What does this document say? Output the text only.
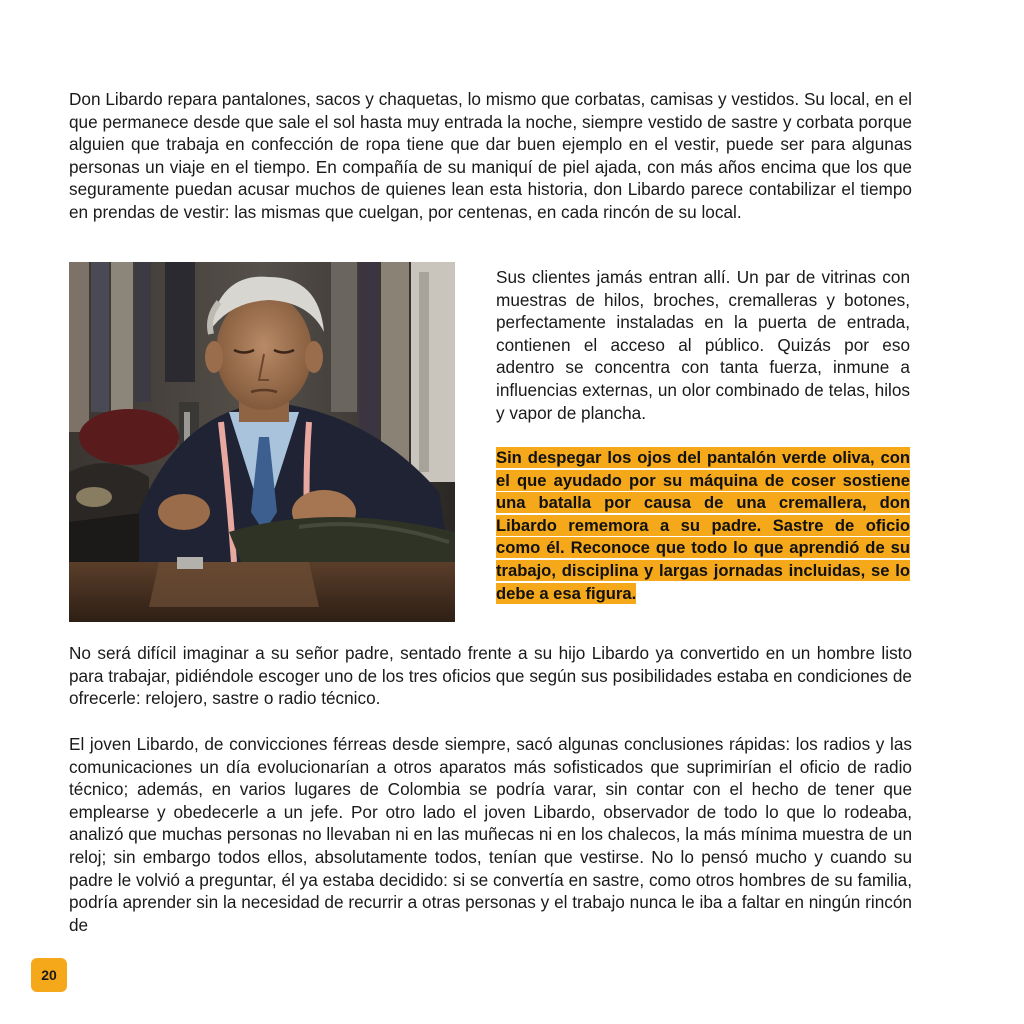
Don Libardo repara pantalones, sacos y chaquetas, lo mismo que corbatas, camisas y vestidos. Su local, en el que permanece desde que sale el sol hasta muy entrada la noche, siempre vestido de sastre y corbata porque alguien que trabaja en confección de ropa tiene que dar buen ejemplo en el vestir, puede ser para algunas personas un viaje en el tiempo. En compañía de su maniquí de piel ajada, con más años encima que los que seguramente puedan acusar muchos de quienes lean esta historia, don Libardo parece contabilizar el tiempo en prendas de vestir: las mismas que cuelgan, por centenas, en cada rincón de su local.

Sus clientes jamás entran allí. Un par de vitrinas con muestras de hilos, broches, cremalleras y botones, perfectamente instaladas en la puerta de entrada, contienen el acceso al público. Quizás por eso adentro se concentra con tanta fuerza, inmune a influencias externas, un olor combinado de telas, hilos y vapor de plancha.

Sin despegar los ojos del pantalón verde oliva, con el que ayudado por su máquina de coser sostiene una batalla por causa de una cremallera, don Libardo rememora a su padre. Sastre de oficio como él. Reconoce que todo lo que aprendió de su trabajo, disciplina y largas jornadas incluidas, se lo debe a esa figura.

No será difícil imaginar a su señor padre, sentado frente a su hijo Libardo ya convertido en un hombre listo para trabajar, pidiéndole escoger uno de los tres oficios que según sus posibilidades estaba en condiciones de ofrecerle: relojero, sastre o radio técnico.

El joven Libardo, de convicciones férreas desde siempre, sacó algunas conclusiones rápidas: los radios y las comunicaciones un día evolucionarían a otros aparatos más sofisticados que suprimirían el oficio de radio técnico; además, en varios lugares de Colombia se podría varar, sin contar con el hecho de tener que emplearse y obedecerle a un jefe. Por otro lado el joven Libardo, observador de todo lo que lo rodeaba, analizó que muchas personas no llevaban ni en las muñecas ni en los chalecos, la más mínima muestra de un reloj; sin embargo todos ellos, absolutamente todos, tenían que vestirse. No lo pensó mucho y cuando su padre le volvió a preguntar, él ya estaba decidido: si se convertía en sastre, como otros hombres de su familia, podría aprender sin la necesidad de recurrir a otras personas y el trabajo nunca le iba a faltar en ningún rincón de

20
